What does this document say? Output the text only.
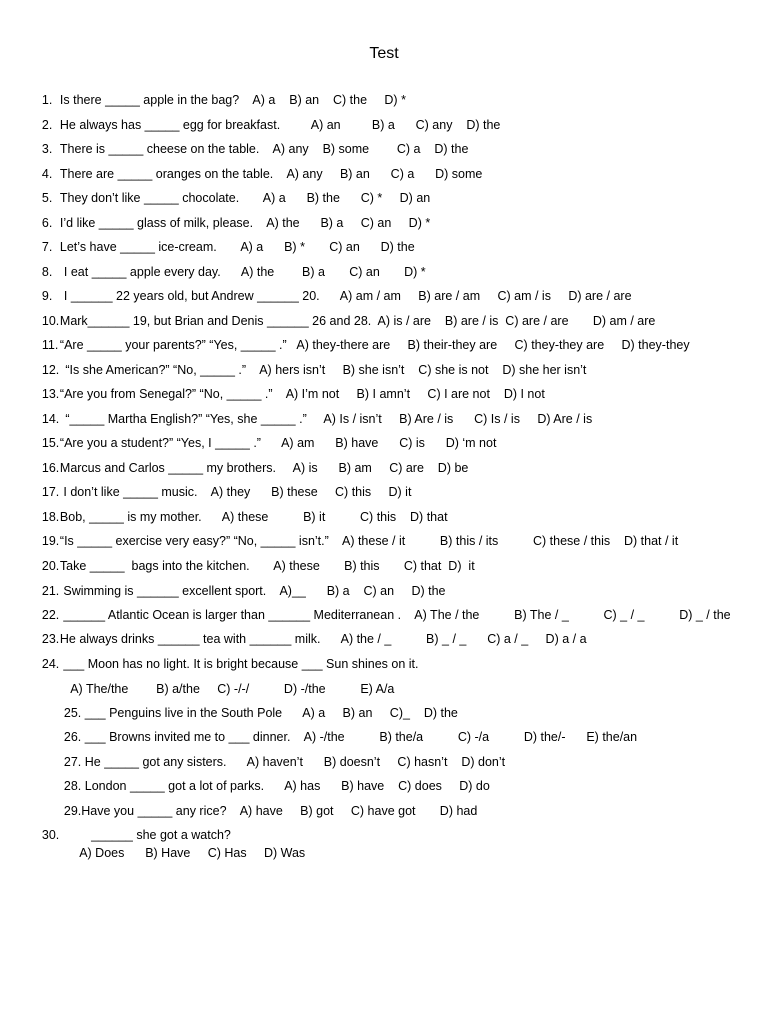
Test

1. Is there _____ apple in the bag?    A) a    B) an    C) the     D) *

2. He always has _____ egg for breakfast.         A) an         B) a      C) any    D) the

3. There is _____ cheese on the table.    A) any    B) some        C) a    D) the

4. There are _____ oranges on the table.    A) any     B) an      C) a      D) some

5. They don’t like _____ chocolate.       A) a      B) the      C) *     D) an

6. I’d like _____ glass of milk, please.    A) the      B) a     C) an     D) *

7. Let’s have _____ ice-cream.       A) a      B) *       C) an      D) the

8. I eat _____ apple every day.      A) the        B) a       C) an       D) *

9. I ______ 22 years old, but Andrew ______ 20.      A) am / am     B) are / am     C) am / is     D) are / are

10.Mark______ 19, but Brian and Denis ______ 26 and 28.  A) is / are    B) are / is  C) are / are       D) am / are

11. “Are _____ your parents?” “Yes, _____ .”   A) they-there are     B) their-they are     C) they-they are     D) they-they

12. “Is she American?” “No, _____ .”    A) hers isn’t     B) she isn’t    C) she is not    D) she her isn’t

13.“Are you from Senegal?” “No, _____ .”    A) I’m not     B) I amn’t     C) I are not    D) I not

14. “_____ Martha English?” “Yes, she _____ .”     A) Is / isn’t     B) Are / is      C) Is / is     D) Are / is

15.“Are you a student?” “Yes, I _____ .”      A) am      B) have      C) is      D) ‘m not

16.Marcus and Carlos _____ my brothers.     A) is      B) am     C) are    D) be

17. I don’t like _____ music.    A) they      B) these     C) this     D) it

18.Bob, _____ is my mother.      A) these          B) it          C) this    D) that

19.“Is _____ exercise very easy?” “No, _____ isn’t.”    A) these / it          B) this / its          C) these / this    D) that / it

20.Take _____  bags into the kitchen.       A) these       B) this       C) that  D)  it

21. Swimming is ______ excellent sport.    A)__      B) a    C) an     D) the

22. ______ Atlantic Ocean is larger than ______ Mediterranean .    A) The / the          B) The / _          C) _ / _          D) _ / the

23.He always drinks ______ tea with ______ milk.      A) the / _          B) _ / _      C) a / _     D) a / a

24. ___ Moon has no light. It is bright because ___ Sun shines on it.

A) The/the        B) a/the     C) -/-/          D) -/the          E) A/a

25. ___ Penguins live in the South Pole      A) a     B) an     C)_    D) the

26. ___ Browns invited me to ___ dinner.    A) -/the          B) the/a          C) -/a          D) the/-      E) the/an

27. He _____ got any sisters.      A) haven’t      B) doesn’t     C) hasn’t    D) don’t

28. London _____ got a lot of parks.      A) has      B) have    C) does     D) do

29.Have you _____ any rice?    A) have     B) got     C) have got       D) had

30.         ______ she got a watch?

A) Does      B) Have     C) Has     D) Was
